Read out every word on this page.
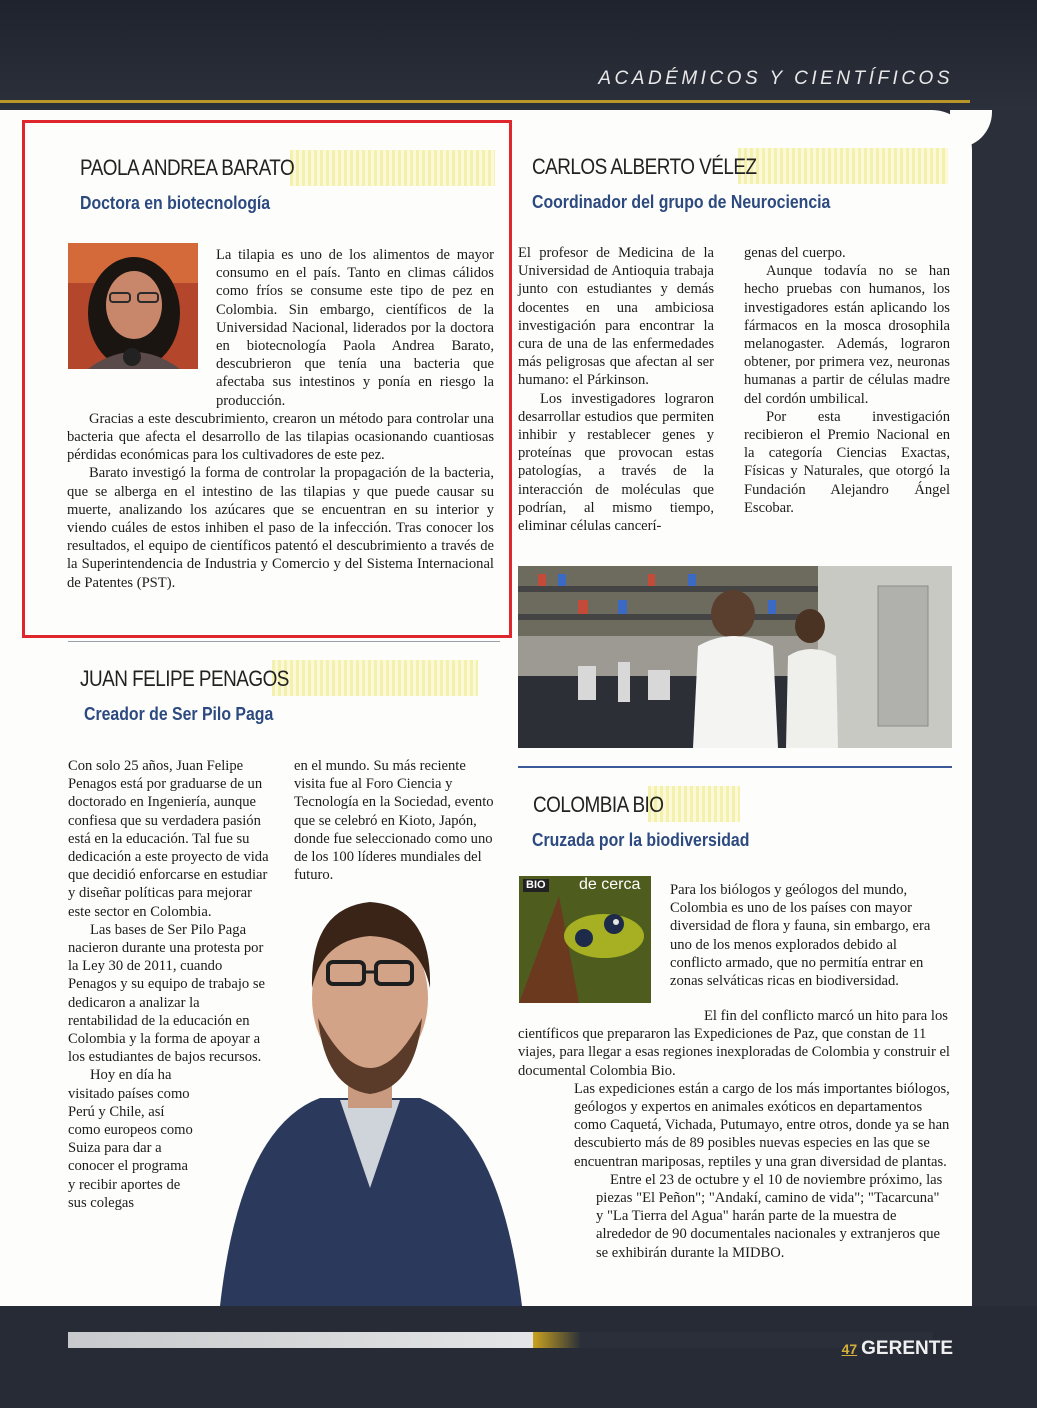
ACADÉMICOS Y CIENTÍFICOS
PAOLA ANDREA BARATO
Doctora en biotecnología

La tilapia es uno de los alimentos de mayor consumo en el país. Tanto en climas cálidos como fríos se consume este tipo de pez en Colombia. Sin embargo, científicos de la Universidad Nacional, liderados por la doctora en biotecnología Paola Andrea Barato, descubrieron que tenía una bacteria que afectaba sus intestinos y ponía en riesgo la producción.

Gracias a este descubrimiento, crearon un método para controlar una bacteria que afecta el desarrollo de las tilapias ocasionando cuantiosas pérdidas económicas para los cultivadores de este pez.

Barato investigó la forma de controlar la propagación de la bacteria, que se alberga en el intestino de las tilapias y que puede causar su muerte, analizando los azúcares que se encuentran en su interior y viendo cuáles de estos inhiben el paso de la infección. Tras conocer los resultados, el equipo de científicos patentó el descubrimiento a través de la Superintendencia de Industria y Comercio y del Sistema Internacional de Patentes (PST).

CARLOS ALBERTO VÉLEZ
Coordinador del grupo de Neurociencia

El profesor de Medicina de la Universidad de Antioquia trabaja junto con estudiantes y demás docentes en una ambiciosa investigación para encontrar la cura de una de las enfermedades más peligrosas que afectan al ser humano: el Párkinson.

Los investigadores lograron desarrollar estudios que permiten inhibir y restablecer genes y proteínas que provocan estas patologías, a través de la interacción de moléculas que podrían, al mismo tiempo, eliminar células cancerí-

genas del cuerpo.

Aunque todavía no se han hecho pruebas con humanos, los investigadores están aplicando los fármacos en la mosca drosophila melanogaster. Además, lograron obtener, por primera vez, neuronas humanas a partir de células madre del cordón umbilical.

Por esta investigación recibieron el Premio Nacional en la categoría Ciencias Exactas, Físicas y Naturales, que otorgó la Fundación Alejandro Ángel Escobar.

JUAN FELIPE PENAGOS
Creador de Ser Pilo Paga

Con solo 25 años, Juan Felipe Penagos está por graduarse de un doctorado en Ingeniería, aunque confiesa que su verdadera pasión está en la educación. Tal fue su dedicación a este proyecto de vida que decidió enforcarse en estudiar y diseñar políticas para mejorar este sector en Colombia.

Las bases de Ser Pilo Paga nacieron durante una protesta por la Ley 30 de 2011, cuando Penagos y su equipo de trabajo se dedicaron a analizar la rentabilidad de la educación en Colombia y la forma de apoyar a los estudiantes de bajos recursos.

Hoy en día ha visitado países como Perú y Chile, así como europeos como Suiza para dar a conocer el programa y recibir aportes de sus colegas

en el mundo. Su más reciente visita fue al Foro Ciencia y Tecnología en la Sociedad, evento que se celebró en Kioto, Japón, donde fue seleccionado como uno de los 100 líderes mundiales del futuro.

COLOMBIA BIO
Cruzada por la biodiversidad
BIO de cerca Para los biólogos y geólogos del mundo, Colombia es uno de los países con mayor diversidad de flora y fauna, sin embargo, era uno de los menos explorados debido al conflicto armado, que no permitía entrar en zonas selváticas ricas en biodiversidad.

El fin del conflicto marcó un hito para los científicos que prepararon las Expediciones de Paz, que constan de 11 viajes, para llegar a esas regiones inexploradas de Colombia y construir el documental Colombia Bio.

Las expediciones están a cargo de los más importantes biólogos, geólogos y expertos en animales exóticos en departamentos como Caquetá, Vichada, Putumayo, entre otros, donde ya se han descubierto más de 89 posibles nuevas especies en las que se encuentran mariposas, reptiles y una gran diversidad de plantas.

Entre el 23 de octubre y el 10 de noviembre próximo, las piezas "El Peñon"; "Andakí, camino de vida"; "Tacarcuna" y "La Tierra del Agua" harán parte de la muestra de alrededor de 90 documentales nacionales y extranjeros que se exhibirán durante la MIDBO.

47 GERENTE
